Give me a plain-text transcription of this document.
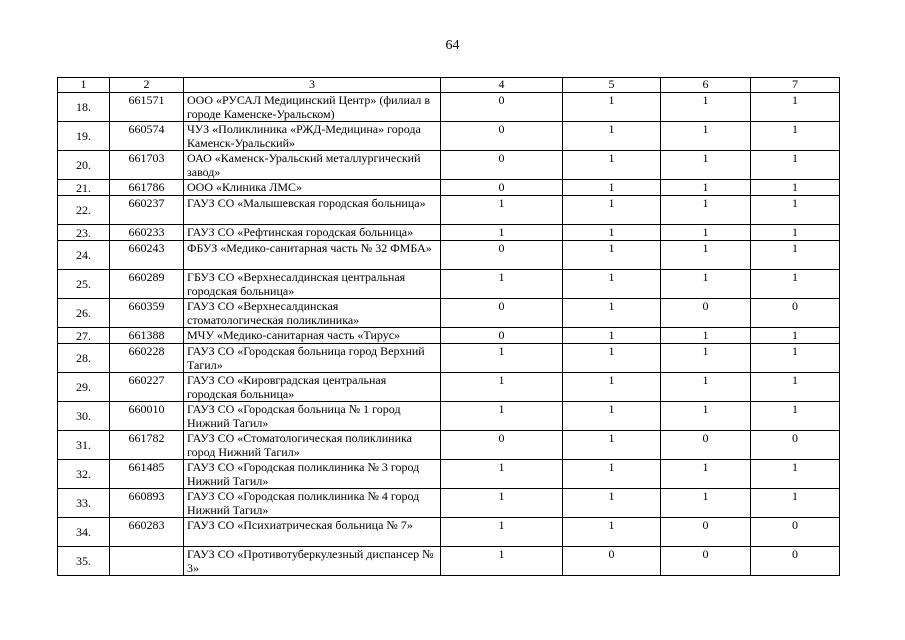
64
1	2	3	4	5	6	7
18.	661571	ООО «РУСАЛ Медицинский Центр» (филиал в городе Каменске-Уральском)	0	1	1	1
19.	660574	ЧУЗ «Поликлиника «РЖД-Медицина» города Каменск-Уральский»	0	1	1	1
20.	661703	ОАО «Каменск-Уральский металлургический завод»	0	1	1	1
21.	661786	ООО «Клиника ЛМС»	0	1	1	1
22.	660237	ГАУЗ СО «Малышевская городская больница»	1	1	1	1
23.	660233	ГАУЗ СО «Рефтинская городская больница»	1	1	1	1
24.	660243	ФБУЗ «Медико-санитарная часть № 32 ФМБА»	0	1	1	1
25.	660289	ГБУЗ СО «Верхнесалдинская центральная городская больница»	1	1	1	1
26.	660359	ГАУЗ СО «Верхнесалдинская стоматологическая поликлиника»	0	1	0	0
27.	661388	МЧУ «Медико-санитарная часть «Тирус»	0	1	1	1
28.	660228	ГАУЗ СО «Городская больница город Верхний Тагил»	1	1	1	1
29.	660227	ГАУЗ СО «Кировградская центральная городская больница»	1	1	1	1
30.	660010	ГАУЗ СО «Городская больница № 1 город Нижний Тагил»	1	1	1	1
31.	661782	ГАУЗ СО «Стоматологическая поликлиника город Нижний Тагил»	0	1	0	0
32.	661485	ГАУЗ СО «Городская поликлиника № 3 город Нижний Тагил»	1	1	1	1
33.	660893	ГАУЗ СО «Городская поликлиника № 4 город Нижний Тагил»	1	1	1	1
34.	660283	ГАУЗ СО «Психиатрическая больница № 7»	1	1	0	0
35.		ГАУЗ СО «Противотуберкулезный диспансер № 3»	1	0	0	0
